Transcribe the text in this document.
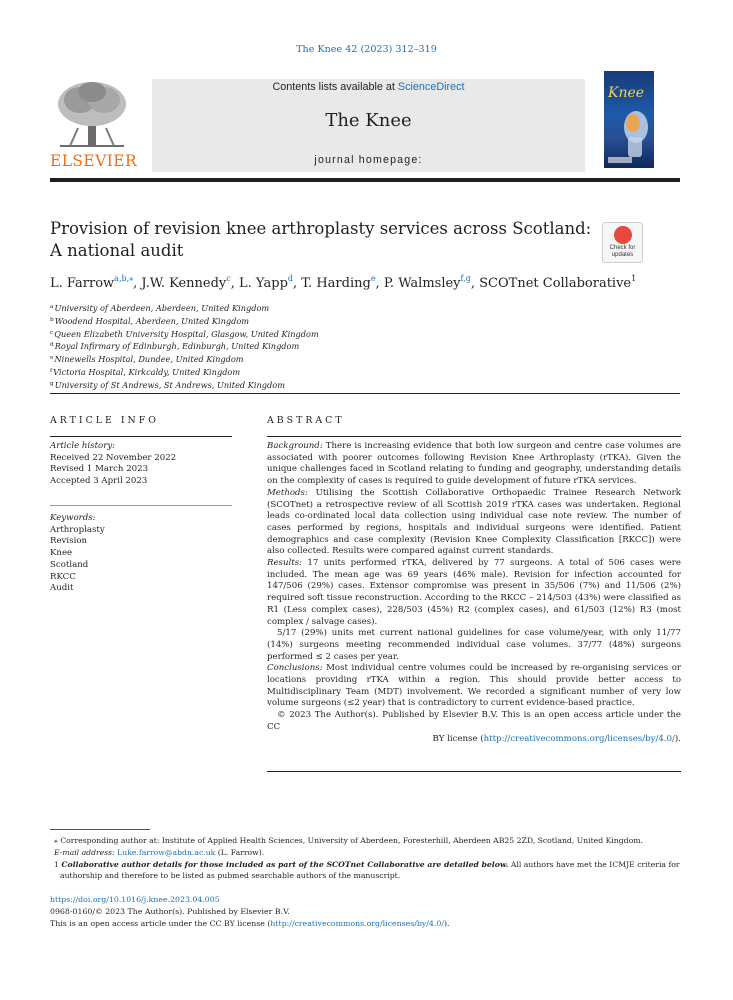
The Knee 42 (2023) 312–319
ELSEVIER
Contents lists available at ScienceDirect
The Knee
journal homepage:
Knee
Provision of revision knee arthroplasty services across Scotland:
A national audit	Check for
updates
L. Farrow$^{a,b,⁎}$, J.W. Kennedy$^c$, L. Yapp$^d$, T. Harding$^e$, P. Walmsley$^{f,g}$, SCOTnet Collaborative$^1$
$^a$University of Aberdeen, Aberdeen, United Kingdom
$^b$Woodend Hospital, Aberdeen, United Kingdom
$^c$Queen Elizabeth University Hospital, Glasgow, United Kingdom
$^d$Royal Infirmary of Edinburgh, Edinburgh, United Kingdom
$^e$Ninewells Hospital, Dundee, United Kingdom
$^f$Victoria Hospital, Kirkcaldy, United Kingdom
$^g$University of St Andrews, St Andrews, United Kingdom
ARTICLE INFO	ABSTRACT
Article history:
Received 22 November 2022
Revised 1 March 2023
Accepted 3 April 2023
Keywords:
Arthroplasty
Revision
Knee
Scotland
RKCC
Audit

Background: There is increasing evidence that both low surgeon and centre case volumes are associated with poorer outcomes following Revision Knee Arthroplasty (rTKA). Given the unique challenges faced in Scotland relating to funding and geography, understanding details on the complexity of cases is required to guide development of future rTKA services.

Methods: Utilising the Scottish Collaborative Orthopaedic Trainee Research Network (SCOTnet) a retrospective review of all Scottish 2019 rTKA cases was undertaken. Regional leads co-ordinated local data collection using individual case note review. The number of cases performed by regions, hospitals and individual surgeons were identified. Patient demographics and case complexity (Revision Knee Complexity Classification [RKCC]) were also collected. Results were compared against current standards.

Results: 17 units performed rTKA, delivered by 77 surgeons. A total of 506 cases were included. The mean age was 69 years (46% male). Revision for infection accounted for 147/506 (29%) cases. Extensor compromise was present in 35/506 (7%) and 11/506 (2%) required soft tissue reconstruction. According to the RKCC – 214/503 (43%) were classified as R1 (Less complex cases), 228/503 (45%) R2 (complex cases), and 61/503 (12%) R3 (most complex / salvage cases).

5/17 (29%) units met current national guidelines for case volume/year, with only 11/77 (14%) surgeons meeting recommended individual case volumes. 37/77 (48%) surgeons performed ≤ 2 cases per year.

Conclusions: Most individual centre volumes could be increased by re-organising services or locations providing rTKA within a region. This should provide better access to Multidisciplinary Team (MDT) involvement. We recorded a significant number of very low volume surgeons (≤2 year) that is contradictory to current evidence-based practice.

© 2023 The Author(s). Published by Elsevier B.V. This is an open access article under the CC

BY license (http://creativecommons.org/licenses/by/4.0/).

⁎ Corresponding author at: Institute of Applied Health Sciences, University of Aberdeen, Foresterhill, Aberdeen AB25 2ZD, Scotland, United Kingdom.
E-mail address: Luke.farrow@abdn.ac.uk (L. Farrow).
1 Collaborative author details for those included as part of the SCOTnet Collaborative are detailed below. All authors have met the ICMJE criteria for authorship and therefore to be listed as pubmed searchable authors of the manuscript.
https://doi.org/10.1016/j.knee.2023.04.005
0968-0160/© 2023 The Author(s). Published by Elsevier B.V.
This is an open access article under the CC BY license (http://creativecommons.org/licenses/by/4.0/).
